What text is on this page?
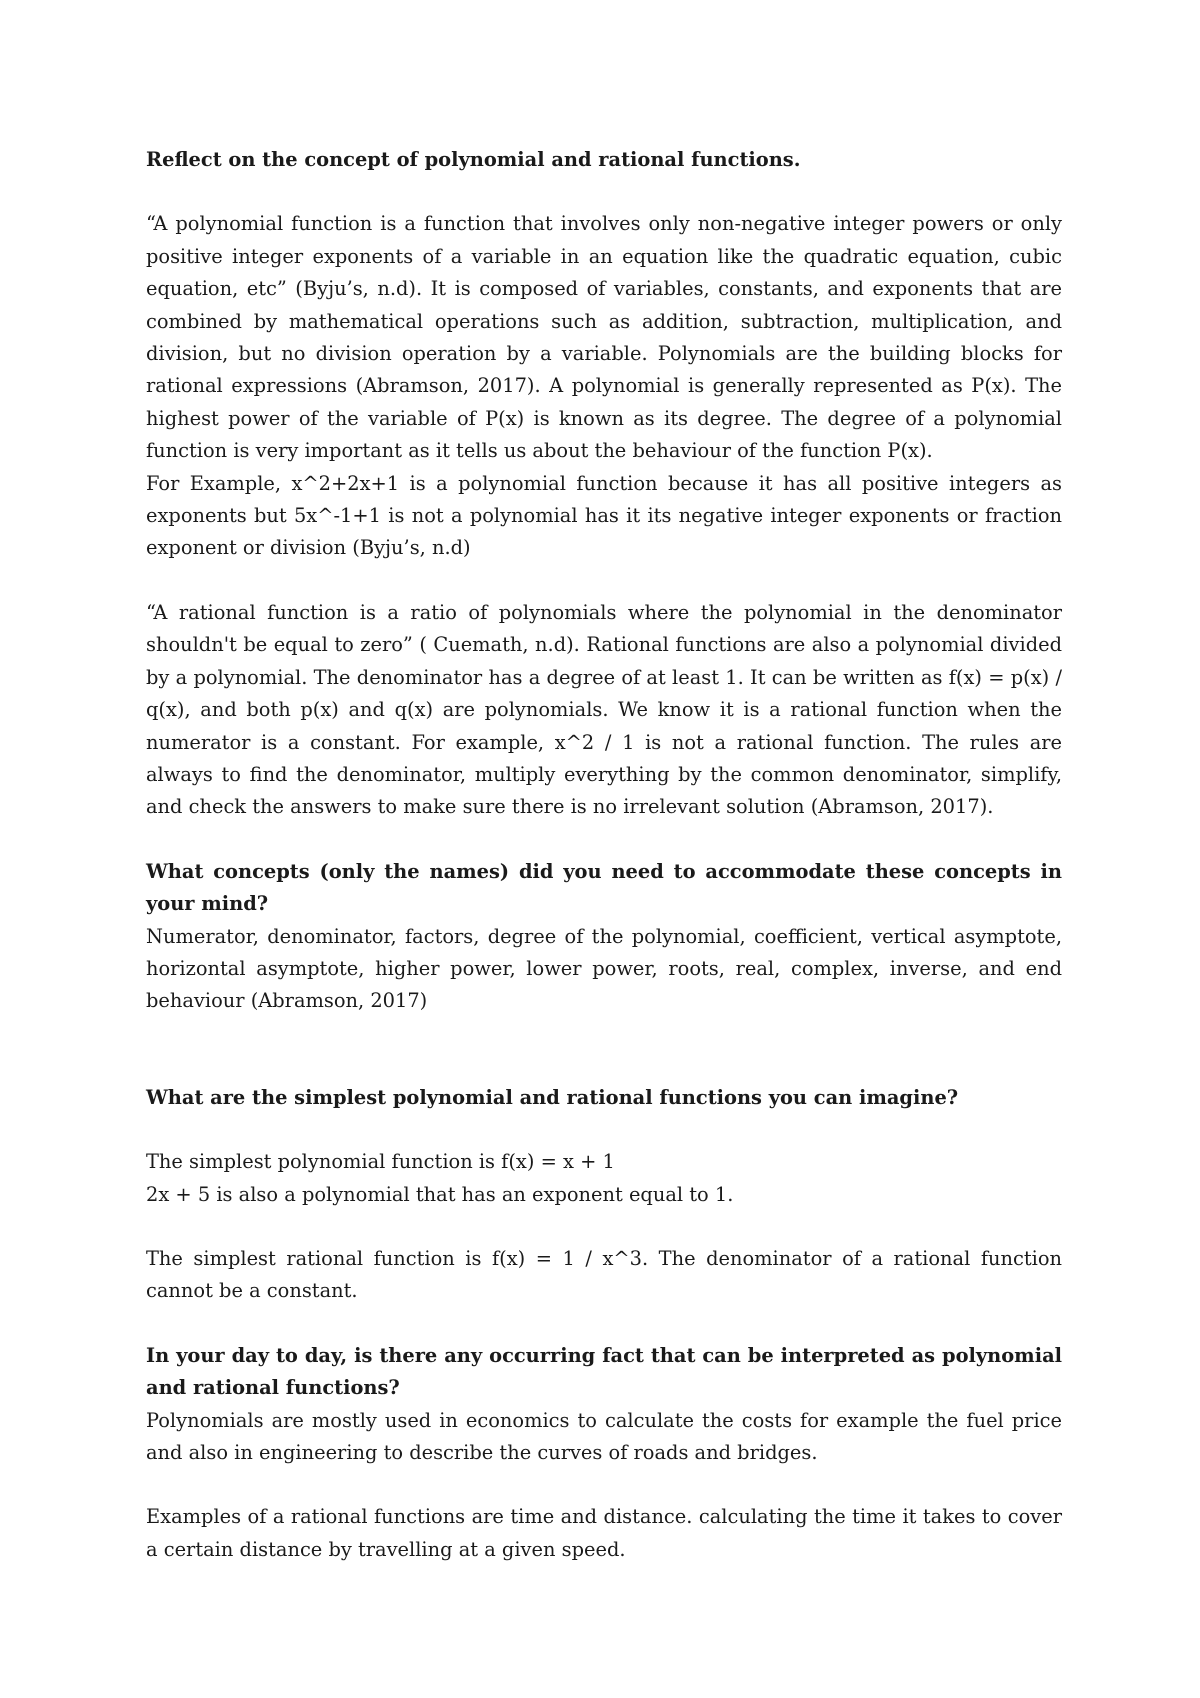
Reflect on the concept of polynomial and rational functions.

“A polynomial function is a function that involves only non-negative integer powers or only positive integer exponents of a variable in an equation like the quadratic equation, cubic equation, etc” (Byju’s, n.d). It is composed of variables, constants, and exponents that are combined by mathematical operations such as addition, subtraction, multiplication, and division, but no division operation by a variable. Polynomials are the building blocks for rational expressions (Abramson, 2017). A polynomial is generally represented as P(x). The highest power of the variable of P(x) is known as its degree. The degree of a polynomial function is very important as it tells us about the behaviour of the function P(x).

For Example, x^2+2x+1 is a polynomial function because it has all positive integers as exponents but 5x^-1+1 is not a polynomial has it its negative integer exponents or fraction exponent or division (Byju’s, n.d)

“A rational function is a ratio of polynomials where the polynomial in the denominator shouldn't be equal to zero” ( Cuemath, n.d). Rational functions are also a polynomial divided by a polynomial. The denominator has a degree of at least 1. It can be written as f(x) = p(x) / q(x), and both p(x) and q(x) are polynomials. We know it is a rational function when the numerator is a constant. For example, x^2 / 1 is not a rational function. The rules are always to find the denominator, multiply everything by the common denominator, simplify, and check the answers to make sure there is no irrelevant solution (Abramson, 2017).

What concepts (only the names) did you need to accommodate these concepts in your mind?

Numerator, denominator, factors, degree of the polynomial, coefficient, vertical asymptote, horizontal asymptote, higher power, lower power, roots, real, complex, inverse, and end behaviour (Abramson, 2017)

What are the simplest polynomial and rational functions you can imagine?

The simplest polynomial function is f(x) = x + 1

2x + 5 is also a polynomial that has an exponent equal to 1.

The simplest rational function is f(x) = 1 / x^3. The denominator of a rational function cannot be a constant.

In your day to day, is there any occurring fact that can be interpreted as polynomial and rational functions?

Polynomials are mostly used in economics to calculate the costs for example the fuel price and also in engineering to describe the curves of roads and bridges.

Examples of a rational functions are time and distance. calculating the time it takes to cover a certain distance by travelling at a given speed.
